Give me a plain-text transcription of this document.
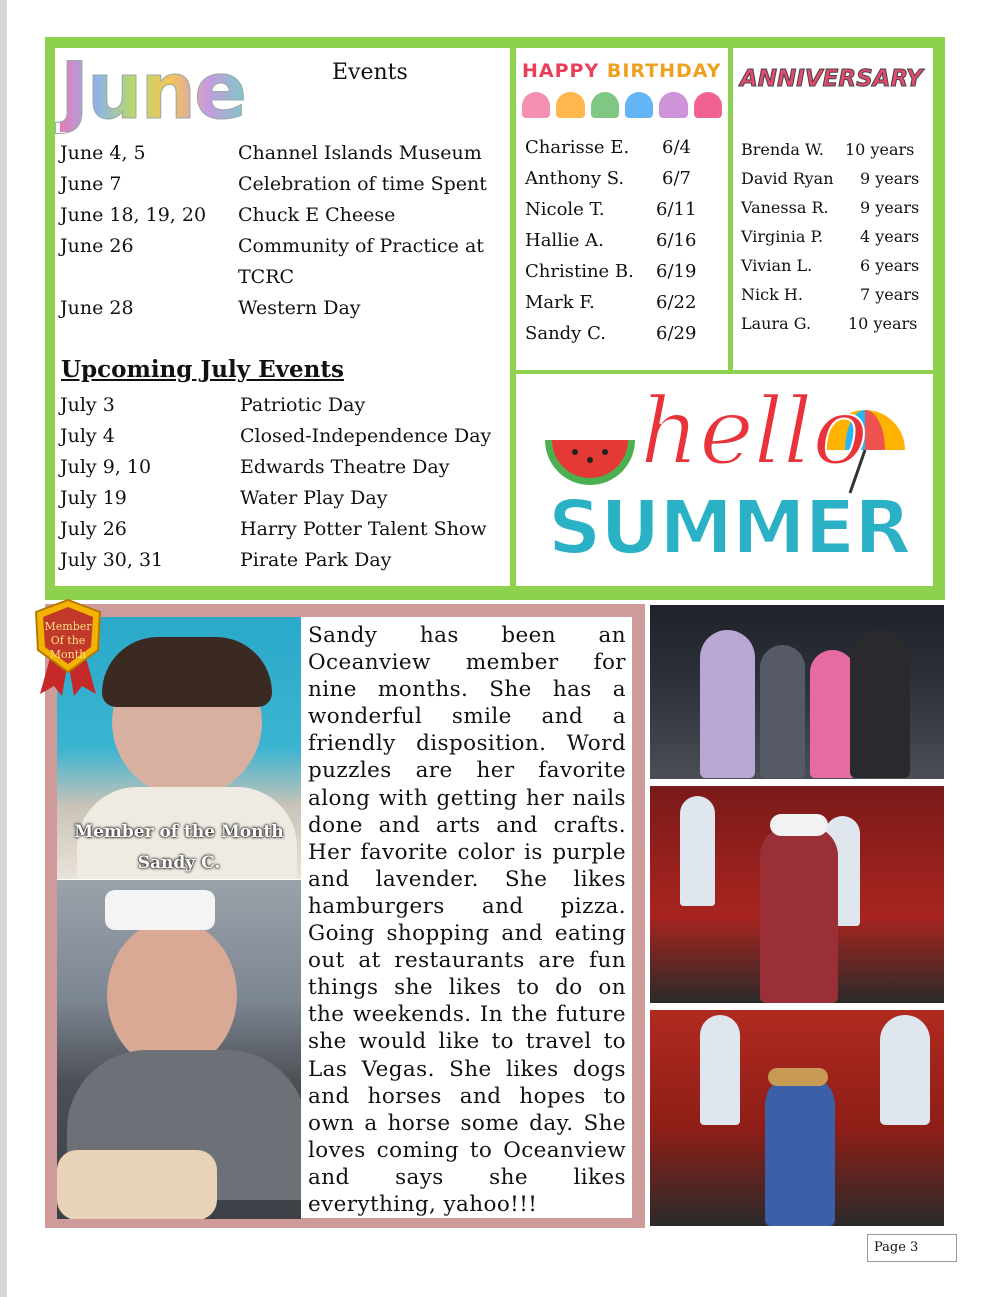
June	Events
June 4, 5	Channel Islands Museum
June 7	Celebration of time Spent
June 18, 19, 20 Chuck E Cheese
June 26	Community of Practice at
TCRC
June 28	Western Day
Upcoming July Events
July 3	Patriotic Day
July 4	Closed-Independence Day
July 9, 10	Edwards Theatre Day
July 19	Water Play Day
July 26	Harry Potter Talent Show
July 30, 31	Pirate Park Day
HAPPY BIRTHDAY
Charisse E. 6/4
Anthony S. 6/7
Nicole T.	6/11
Hallie A.	6/16
Christine B. 6/19
Mark F.	6/22
Sandy C.	6/29
ANNIVERSARY
Brenda W. 10 years
David Ryan 9 years
Vanessa R. 9 years
Virginia P. 4 years
Vivian L.	6 years
Nick H.	7 years
Laura G. 10 years
hello
SUMMER
Member of the Month
Sandy C.
Member Of the Month
Sandy has been an Oceanview member for nine months. She has a wonderful smile and a friendly disposition. Word puzzles are her favorite along with getting her nails done and arts and crafts. Her favorite color is purple and lavender. She likes hamburgers and pizza. Going shopping and eating out at restaurants are fun things she likes to do on the weekends. In the future she would like to travel to Las Vegas. She likes dogs and horses and hopes to own a horse some day. She loves coming to Oceanview and says she likes everything, yahoo!!!
Page 3
